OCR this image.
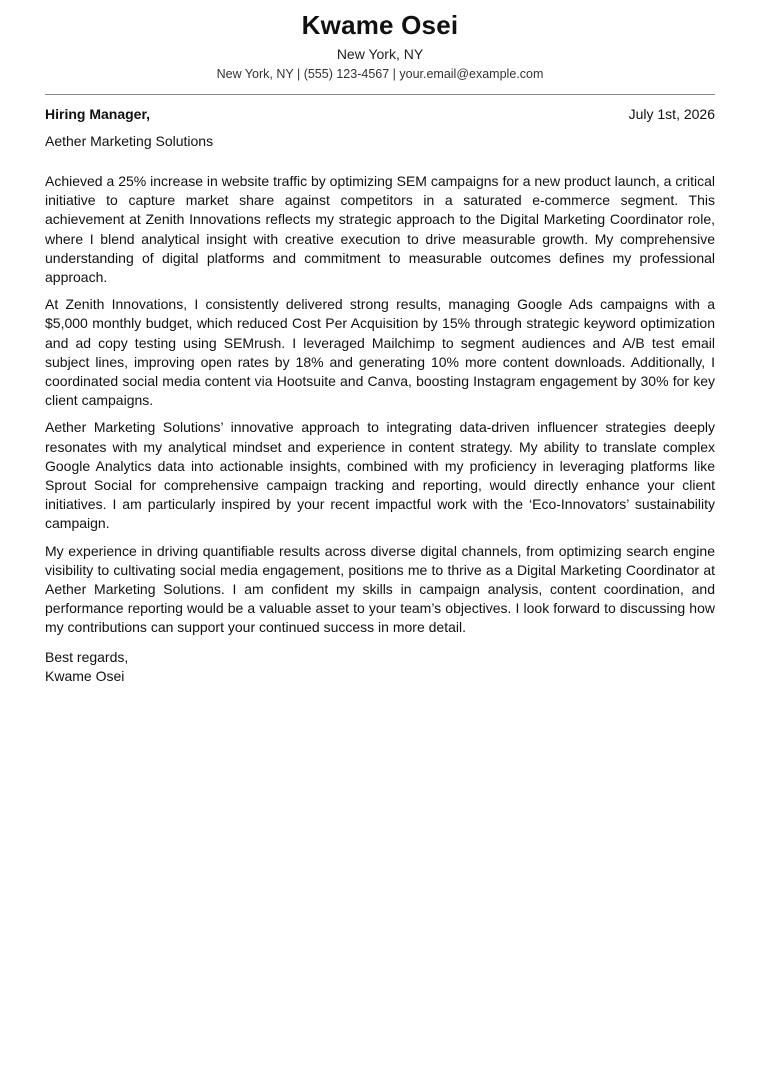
Kwame Osei
New York, NY
New York, NY | (555) 123-4567 | your.email@example.com
Hiring Manager,	July 1st, 2026
Aether Marketing Solutions

Achieved a 25% increase in website traffic by optimizing SEM campaigns for a new product launch, a critical initiative to capture market share against competitors in a saturated e-commerce segment. This achievement at Zenith Innovations reflects my strategic approach to the Digital Marketing Coordinator role, where I blend analytical insight with creative execution to drive measurable growth. My comprehensive understanding of digital platforms and commitment to measurable outcomes defines my professional approach.

At Zenith Innovations, I consistently delivered strong results, managing Google Ads campaigns with a $5,000 monthly budget, which reduced Cost Per Acquisition by 15% through strategic keyword optimization and ad copy testing using SEMrush. I leveraged Mailchimp to segment audiences and A/B test email subject lines, improving open rates by 18% and generating 10% more content downloads. Additionally, I coordinated social media content via Hootsuite and Canva, boosting Instagram engagement by 30% for key client campaigns.

Aether Marketing Solutions’ innovative approach to integrating data-driven influencer strategies deeply resonates with my analytical mindset and experience in content strategy. My ability to translate complex Google Analytics data into actionable insights, combined with my proficiency in leveraging platforms like Sprout Social for comprehensive campaign tracking and reporting, would directly enhance your client initiatives. I am particularly inspired by your recent impactful work with the ‘Eco-Innovators’ sustainability campaign.

My experience in driving quantifiable results across diverse digital channels, from optimizing search engine visibility to cultivating social media engagement, positions me to thrive as a Digital Marketing Coordinator at Aether Marketing Solutions. I am confident my skills in campaign analysis, content coordination, and performance reporting would be a valuable asset to your team’s objectives. I look forward to discussing how my contributions can support your continued success in more detail.

Best regards,
Kwame Osei
